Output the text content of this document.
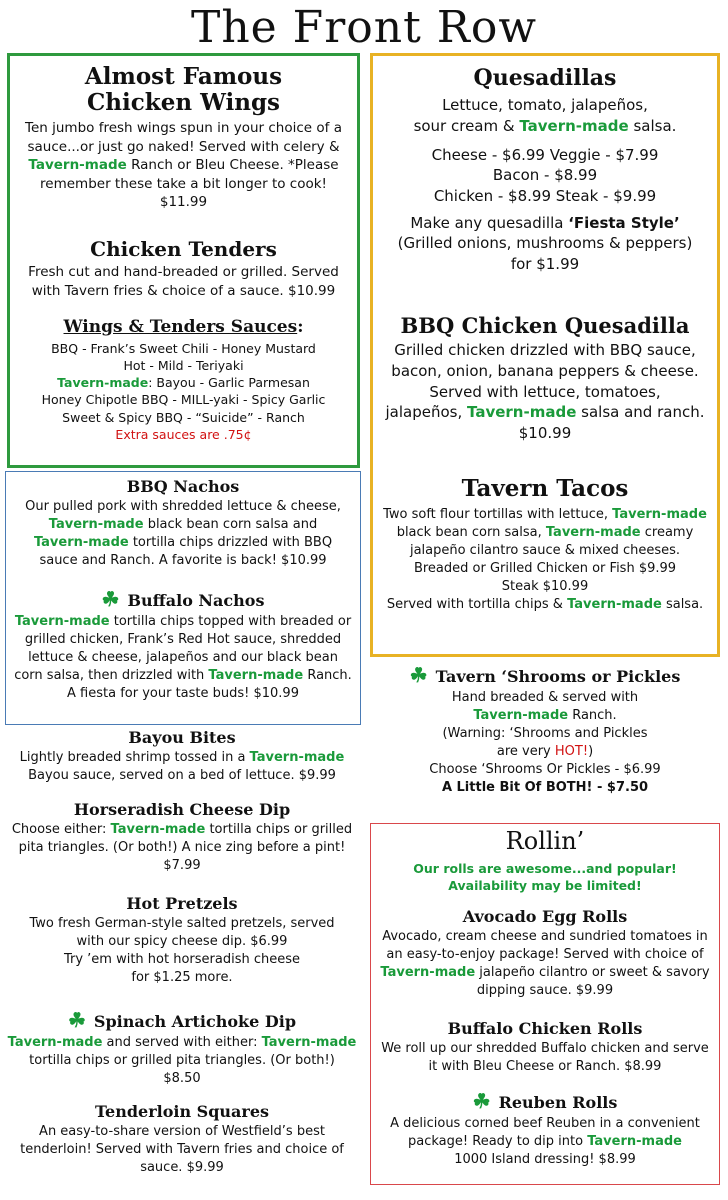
The Front Row

Almost Famous

Chicken Wings

Ten jumbo fresh wings spun in your choice of a

sauce...or just go naked! Served with celery &

Tavern-made Ranch or Bleu Cheese. *Please

remember these take a bit longer to cook!

$11.99

Chicken Tenders

Fresh cut and hand-breaded or grilled. Served

with Tavern fries & choice of a sauce. $10.99

Wings & Tenders Sauces:

BBQ - Frank’s Sweet Chili - Honey Mustard

Hot - Mild - Teriyaki

Tavern-made: Bayou - Garlic Parmesan

Honey Chipotle BBQ - MILL-yaki - Spicy Garlic

Sweet & Spicy BBQ - “Suicide” - Ranch

Extra sauces are .75¢

Quesadillas

Lettuce, tomato, jalapeños,

sour cream & Tavern-made salsa.

Cheese - $6.99 Veggie - $7.99

Bacon - $8.99

Chicken - $8.99 Steak - $9.99

Make any quesadilla ‘Fiesta Style’

(Grilled onions, mushrooms & peppers)

for $1.99

BBQ Chicken Quesadilla

Grilled chicken drizzled with BBQ sauce,

bacon, onion, banana peppers & cheese.

Served with lettuce, tomatoes,

jalapeños, Tavern-made salsa and ranch.

$10.99

Tavern Tacos

Two soft flour tortillas with lettuce, Tavern-made

black bean corn salsa, Tavern-made creamy

jalapeño cilantro sauce & mixed cheeses.

Breaded or Grilled Chicken or Fish $9.99

Steak $10.99

Served with tortilla chips & Tavern-made salsa.

BBQ Nachos

Our pulled pork with shredded lettuce & cheese,

Tavern-made black bean corn salsa and

Tavern-made tortilla chips drizzled with BBQ

sauce and Ranch. A favorite is back! $10.99

☘ Buffalo Nachos

Tavern-made tortilla chips topped with breaded or

grilled chicken, Frank’s Red Hot sauce, shredded

lettuce & cheese, jalapeños and our black bean

corn salsa, then drizzled with Tavern-made Ranch.

A fiesta for your taste buds! $10.99

Bayou Bites

Lightly breaded shrimp tossed in a Tavern-made

Bayou sauce, served on a bed of lettuce. $9.99

Horseradish Cheese Dip

Choose either: Tavern-made tortilla chips or grilled

pita triangles. (Or both!) A nice zing before a pint!

$7.99

Hot Pretzels

Two fresh German-style salted pretzels, served

with our spicy cheese dip. $6.99

Try ’em with hot horseradish cheese

for $1.25 more.

☘ Spinach Artichoke Dip

Tavern-made and served with either: Tavern-made

tortilla chips or grilled pita triangles. (Or both!)

$8.50

Tenderloin Squares

An easy-to-share version of Westfield’s best

tenderloin! Served with Tavern fries and choice of

sauce. $9.99

☘ Tavern ‘Shrooms or Pickles

Hand breaded & served with

Tavern-made Ranch.

(Warning: ‘Shrooms and Pickles

are very HOT!)

Choose ‘Shrooms Or Pickles - $6.99

A Little Bit Of BOTH! - $7.50

Rollin’

Our rolls are awesome...and popular!

Availability may be limited!

Avocado Egg Rolls

Avocado, cream cheese and sundried tomatoes in

an easy-to-enjoy package! Served with choice of

Tavern-made jalapeño cilantro or sweet & savory

dipping sauce. $9.99

Buffalo Chicken Rolls

We roll up our shredded Buffalo chicken and serve

it with Bleu Cheese or Ranch. $8.99

☘ Reuben Rolls

A delicious corned beef Reuben in a convenient

package! Ready to dip into Tavern-made

1000 Island dressing! $8.99
